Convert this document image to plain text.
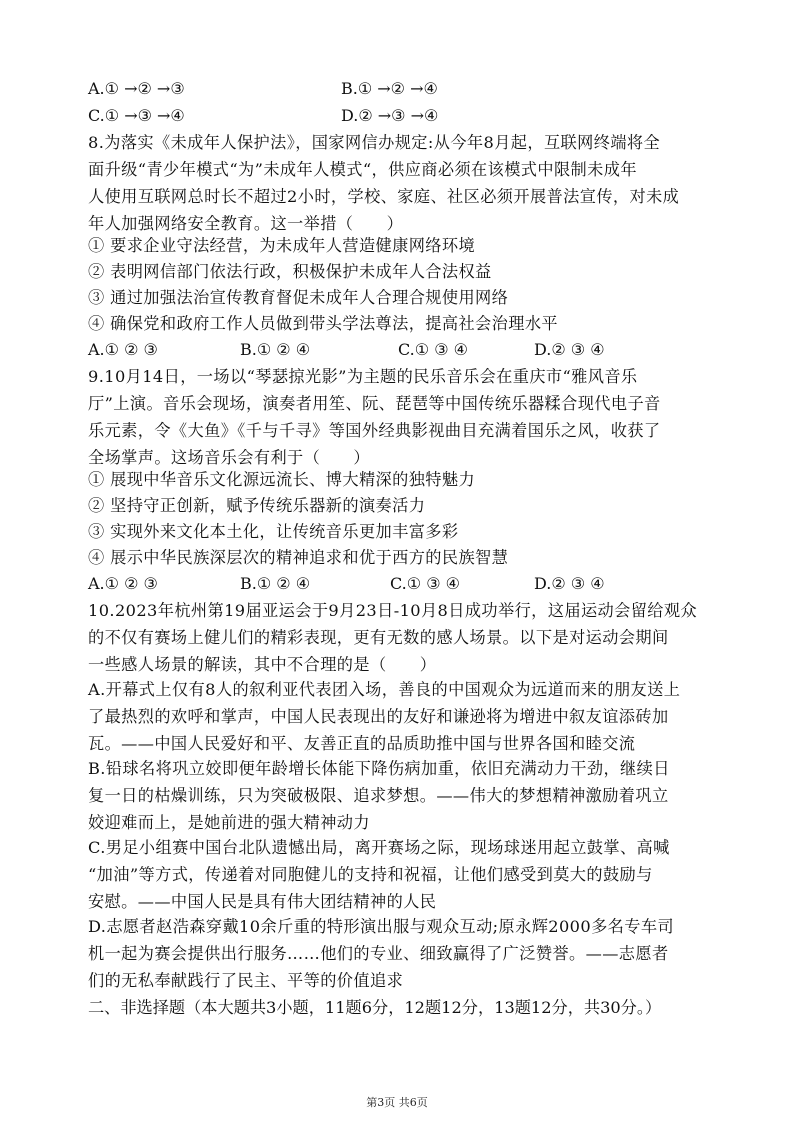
A.① →② →③	B.① →② →④
C.① →③ →④	D.② →③ →④
8.为落实《未成年人保护法》，国家网信办规定:从今年8月起，互联网终端将全
面升级“青少年模式“为”未成年人模式“，供应商必须在该模式中限制未成年
人使用互联网总时长不超过2小时，学校、家庭、社区必须开展普法宣传，对未成
年人加强网络安全教育。这一举措（　　）
① 要求企业守法经营，为未成年人营造健康网络环境
② 表明网信部门依法行政，积极保护未成年人合法权益
③ 通过加强法治宣传教育督促未成年人合理合规使用网络
④ 确保党和政府工作人员做到带头学法尊法，提高社会治理水平
A.① ② ③	B.① ② ④	C.① ③ ④	D.② ③ ④
9.10月14日，一场以“琴瑟掠光影”为主题的民乐音乐会在重庆市“雅风音乐
厅”上演。音乐会现场，演奏者用笙、阮、琵琶等中国传统乐器糅合现代电子音
乐元素，令《大鱼》《千与千寻》等国外经典影视曲目充满着国乐之风，收获了
全场掌声。这场音乐会有利于（　　）
① 展现中华音乐文化源远流长、博大精深的独特魅力
② 坚持守正创新，赋予传统乐器新的演奏活力
③ 实现外来文化本土化，让传统音乐更加丰富多彩
④ 展示中华民族深层次的精神追求和优于西方的民族智慧
A.① ② ③	B.① ② ④	C.① ③ ④	D.② ③ ④
10.2023年杭州第19届亚运会于9月23日-10月8日成功举行，这届运动会留给观众
的不仅有赛场上健儿们的精彩表现，更有无数的感人场景。以下是对运动会期间
一些感人场景的解读，其中不合理的是（　　）
A.开幕式上仅有8人的叙利亚代表团入场，善良的中国观众为远道而来的朋友送上
了最热烈的欢呼和掌声，中国人民表现出的友好和谦逊将为增进中叙友谊添砖加
瓦。——中国人民爱好和平、友善正直的品质助推中国与世界各国和睦交流
B.铅球名将巩立姣即便年龄增长体能下降伤病加重，依旧充满动力干劲，继续日
复一日的枯燥训练，只为突破极限、追求梦想。——伟大的梦想精神激励着巩立
姣迎难而上，是她前进的强大精神动力
C.男足小组赛中国台北队遗憾出局，离开赛场之际，现场球迷用起立鼓掌、高喊
“加油”等方式，传递着对同胞健儿的支持和祝福，让他们感受到莫大的鼓励与
安慰。——中国人民是具有伟大团结精神的人民
D.志愿者赵浩森穿戴10余斤重的特形演出服与观众互动;原永辉2000多名专车司
机一起为赛会提供出行服务……他们的专业、细致赢得了广泛赞誉。——志愿者
们的无私奉献践行了民主、平等的价值追求
二、非选择题（本大题共3小题，11题6分，12题12分，13题12分，共30分。）
第3页 共6页
